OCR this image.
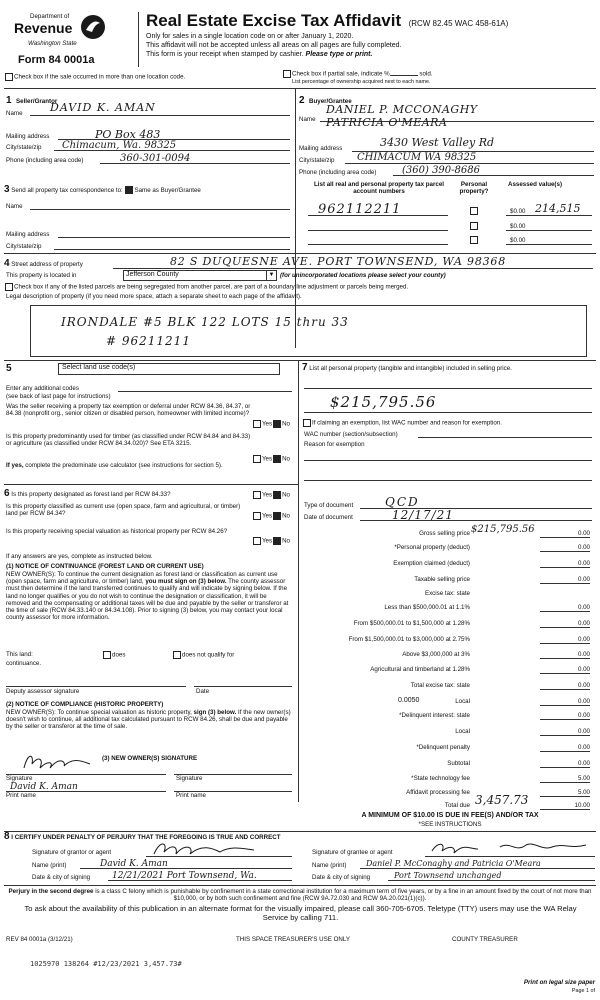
Department of
Revenue
Washington State
Form 84 0001a
Real Estate Excise Tax Affidavit (RCW 82.45 WAC 458-61A)
Only for sales in a single location code on or after January 1, 2020.
This affidavit will not be accepted unless all areas on all pages are fully completed.
This form is your receipt when stamped by cashier. Please type or print.
Check box if the sale occurred in more than one location code.	Check box if partial sale, indicate %	sold.
List percentage of ownership acquired next to each name.
1 Seller/Grantor
Name DAVID K. AMAN
Mailing address	PO Box 483
City/state/zip Chimacum, Wa. 98325
Phone (including area code)	360-301-0094
2 Buyer/Grantee
Name
DANIEL P. MCCONAGHY
PATRICIA O'MEARA
Mailing address	3430 West Valley Rd
City/state/zip CHIMACUM WA 98325
Phone (including area code)	(360) 390-8686
3 Send all property tax correspondence to: Same as Buyer/Grantee
Name
Mailing address
City/state/zip
List all real and personal property tax parcel account numbers
Personal property?
Assessed value(s)
962112211	$0.00 214,515
$0.00
$0.00
4 Street address of property	82 S DUQUESNE AVE. PORT TOWNSEND, WA 98368
This property is located in	Jefferson County	▼ (for unincorporated locations please select your county)
Check box if any of the listed parcels are being segregated from another parcel, are part of a boundary line adjustment or parcels being merged.
Legal description of property (if you need more space, attach a separate sheet to each page of the affidavit).
IRONDALE #5 BLK 122 LOTS 15 thru 33
# 96211211
5	Select land use code(s)
Enter any additional codes
(see back of last page for instructions)
Was the seller receiving a property tax exemption or deferral under RCW 84.36, 84.37, or 84.38 (nonprofit org., senior citizen or disabled person, homeowner with limited income)?
Yes No
Is this property predominantly used for timber (as classified under RCW 84.84 and 84.33) or agriculture (as classified under RCW 84.34.020)? See ETA 3215.
Yes No
If yes, complete the predominate use calculator (see instructions for section 5).
6 Is this property designated as forest land per RCW 84.33?	Yes No
Is this property classified as current use (open space, farm and agricultural, or timber) land per RCW 84.34?	Yes No
Is this property receiving special valuation as historical property per RCW 84.26?
Yes No
If any answers are yes, complete as instructed below.
(1) NOTICE OF CONTINUANCE (FOREST LAND OR CURRENT USE)
NEW OWNER(S): To continue the current designation as forest land or classification as current use (open space, farm and agriculture, or timber) land, you must sign on (3) below. The county assessor must then determine if the land transferred continues to qualify and will indicate by signing below. If the land no longer qualifies or you do not wish to continue the designation or classification, it will be removed and the compensating or additional taxes will be due and payable by the seller or transferor at the time of sale (RCW 84.33.140 or 84.34.108). Prior to signing (3) below, you may contact your local county assessor for more information.
This land:	does	does not qualify for
continuance.
Deputy assessor signature	Date
(2) NOTICE OF COMPLIANCE (HISTORIC PROPERTY)
NEW OWNER(S): To continue special valuation as historic property, sign (3) below. If the new owner(s) doesn't wish to continue, all additional tax calculated pursuant to RCW 84.26, shall be due and payable by the seller or transferor at the time of sale.
(3) NEW OWNER(S) SIGNATURE
Signature	Signature
David K. Aman
Print name	Print name
7 List all personal property (tangible and intangible) included in selling price.
$215,795.56
If claiming an exemption, list WAC number and reason for exemption.
WAC number (section/subsection)
Reason for exemption
Type of document	QCD
Date of document	12/17/21
Gross selling price $215,795.56	0.00
*Personal property (deduct)	0.00
Exemption claimed (deduct)	0.00
Taxable selling price	0.00
Excise tax: state
Less than $500,000.01 at 1.1%	0.00
From $500,000.01 to $1,500,000 at 1.28%	0.00
From $1,500,000.01 to $3,000,000 at 2.75%	0.00
Above $3,000,000 at 3%	0.00
Agricultural and timberland at 1.28%	0.00
Total excise tax: state	0.00
0.0050	Local	0.00
*Delinquent interest: state	0.00
Local	0.00
*Delinquent penalty	0.00
Subtotal	0.00
*State technology fee	5.00
Affidavit processing fee	5.00
Total due 3,457.73	10.00
A MINIMUM OF $10.00 IS DUE IN FEE(S) AND/OR TAX
*SEE INSTRUCTIONS
8 I CERTIFY UNDER PENALTY OF PERJURY THAT THE FOREGOING IS TRUE AND CORRECT
Signature of grantor or agent
Name (print)	David K. Aman
Date & city of signing 12/21/2021 Port Townsend, Wa.
Signature of grantee or agent
Name (print) Daniel P. McConaghy and Patricia O'Meara
Date & city of signing	Port Townsend unchanged
Perjury in the second degree is a class C felony which is punishable by confinement in a state correctional institution for a maximum term of five years, or by a fine in an amount fixed by the court of not more than $10,000, or by both such confinement and fine (RCW 9A.72.030 and RCW 9A.20.021(1)(c)).
To ask about the availability of this publication in an alternate format for the visually impaired, please call 360-705-6705. Teletype (TTY) users may use the WA Relay Service by calling 711.
REV 84 0001a (3/12/21)	THIS SPACE TREASURER'S USE ONLY	COUNTY TREASURER
1025970 138264 #12/23/2021 3,457.73#
Print on legal size paper
Page 1 of
